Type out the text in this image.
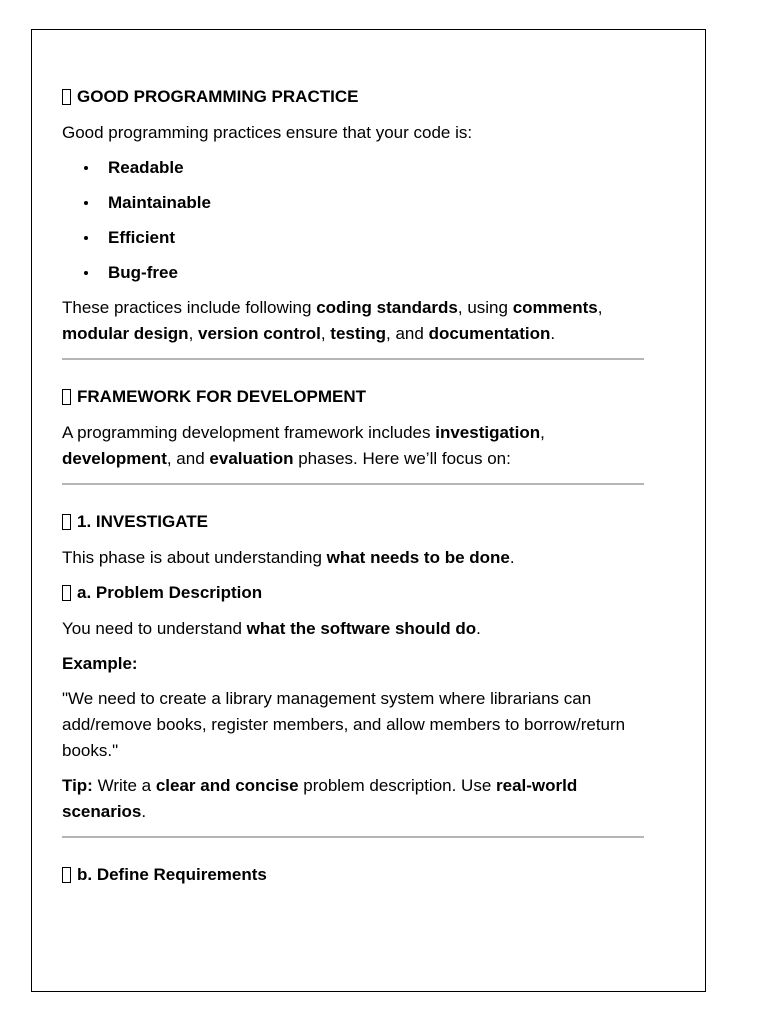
GOOD PROGRAMMING PRACTICE

Good programming practices ensure that your code is:

Readable
Maintainable
Efficient
Bug-free

These practices include following coding standards, using comments, modular design, version control, testing, and documentation.

FRAMEWORK FOR DEVELOPMENT

A programming development framework includes investigation, development, and evaluation phases. Here we’ll focus on:

1. INVESTIGATE

This phase is about understanding what needs to be done.

a. Problem Description

You need to understand what the software should do.

Example:

"We need to create a library management system where librarians can add/remove books, register members, and allow members to borrow/return books."

Tip: Write a clear and concise problem description. Use real-world scenarios.

b. Define Requirements
